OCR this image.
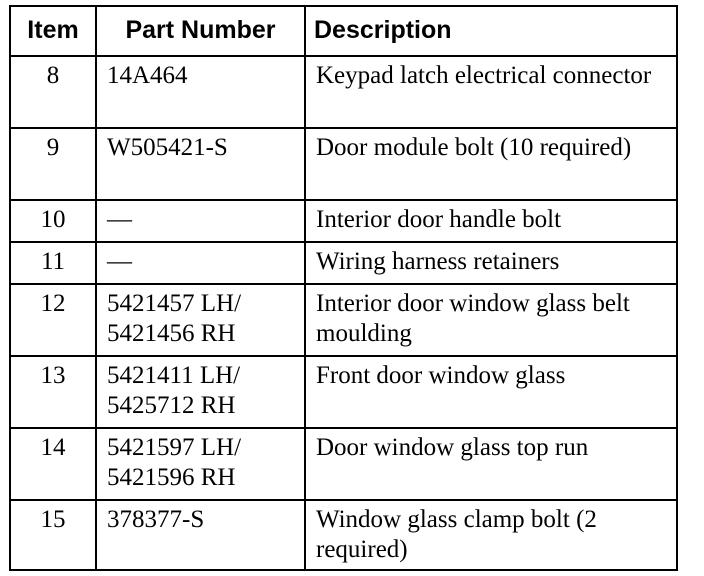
Item	Part Number	Description
8	14A464	Keypad latch electrical connector
9	W505421-S	Door module bolt (10 required)
10	—	Interior door handle bolt
11	—	Wiring harness retainers
12	5421457 LH/ 5421456 RH	Interior door window glass belt moulding
13	5421411 LH/ 5425712 RH	Front door window glass
14	5421597 LH/ 5421596 RH	Door window glass top run
15	378377-S	Window glass clamp bolt (2 required)
